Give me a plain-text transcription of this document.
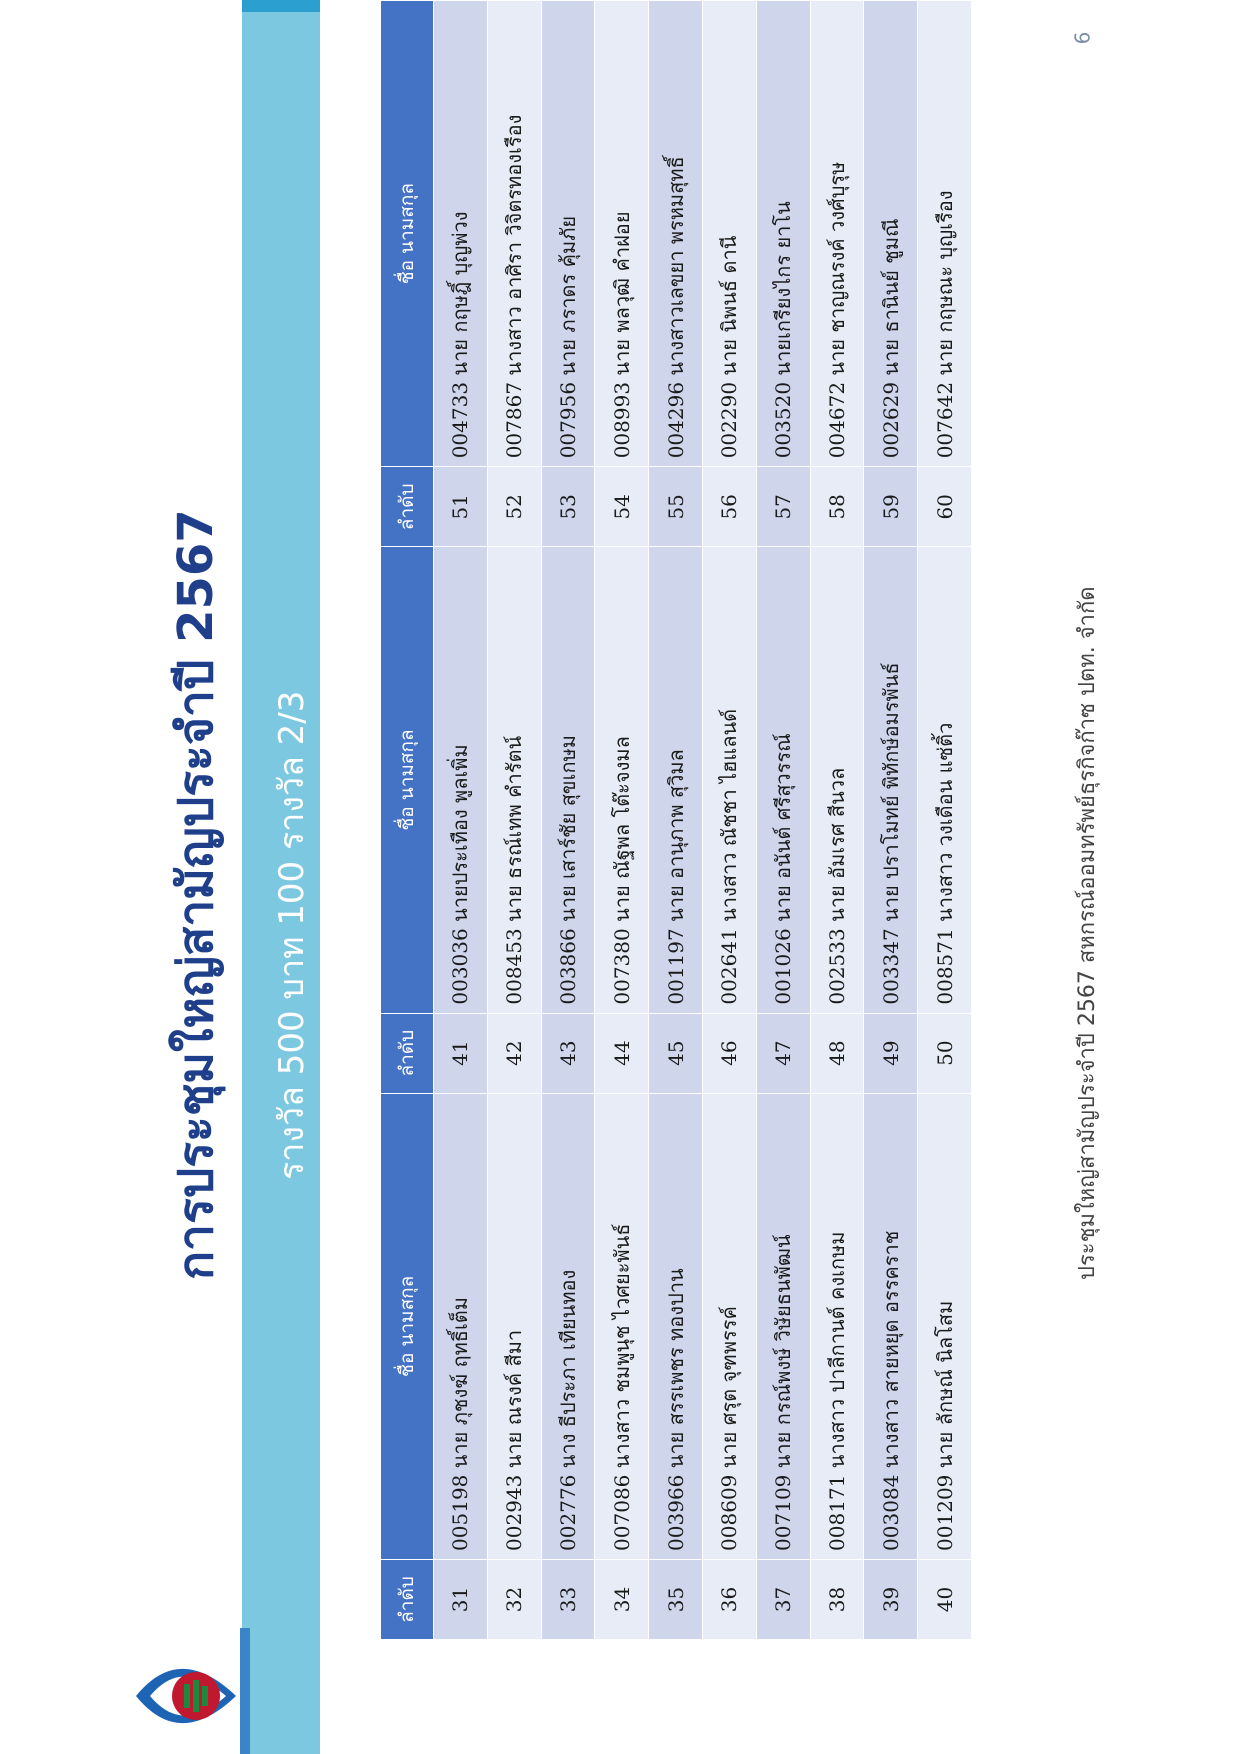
การประชุมใหญ่สามัญประจำปี 2567 รางวัล 500 บาท 100 รางวัล 2/3
ลำดับ	ชื่อ นามสกุล	ลำดับ	ชื่อ นามสกุล	ลำดับ	ชื่อ นามสกุล
31	005198 นาย ภุชงฆ์ ฤทธิ์เต็ม	41	003036 นายประเทือง พูลเพิ่ม	51	004733 นาย กฤษฎิ์ บุญพ่วง
32	002943 นาย ณรงค์ สีมา	42	008453 นาย ธรณ์เทพ คำรัตน์	52	007867 นางสาว อาศิรา วิจิตรทองเรือง
33	002776 นาง ธีประภา เทียนทอง	43	003866 นาย เสาร์ชัย สุขเกษม	53	007956 นาย ภราดร คุ้มภัย
34	007086 นางสาว ชมพูนุช ไวศยะพันธ์	44	007380 นาย ณัฐพล โต๊ะจงมล	54	008993 นาย พลวุฒิ คำฝอย
35	003966 นาย สรรเพชร ทองปาน	45	001197 นาย อานุภาพ สุวิมล	55	004296 นางสาวเลขยา พรหมสุทธิ์
36	008609 นาย ศรุต จุฑพรรค์	46	002641 นางสาว ณัชชา ไฮแลนด์	56	002290 นาย นิพนธ์ ดานี
37	007109 นาย กรณ์พงษ์ วิษัยธนพัฒน์	47	001026 นาย อนันต์ ศรีสุวรรณ์	57	003520 นายเกรียงไกร ยาโน
38	008171 นางสาว ปาลีกานต์ คงเกษม	48	002533 นาย อัมเรศ สีนวล	58	004672 นาย ชาญณรงค์ วงศ์บุรุษ
39	003084 นางสาว สายหยุด อรรคราช	49	003347 นาย ปราโมทย์ พิทักษ์อมรพันธ์	59	002629 นาย ธานินย์ ชูมณี
40	001209 นาย ลักษณ์ นิลโสม	50	008571 นางสาว วงเดือน แซ่ติ้ว	60	007642 นาย กฤษณะ บุญเรือง
ประชุมใหญ่สามัญประจำปี 2567 สหกรณ์ออมทรัพย์ธุรกิจก๊าซ ปตท. จำกัด
6
